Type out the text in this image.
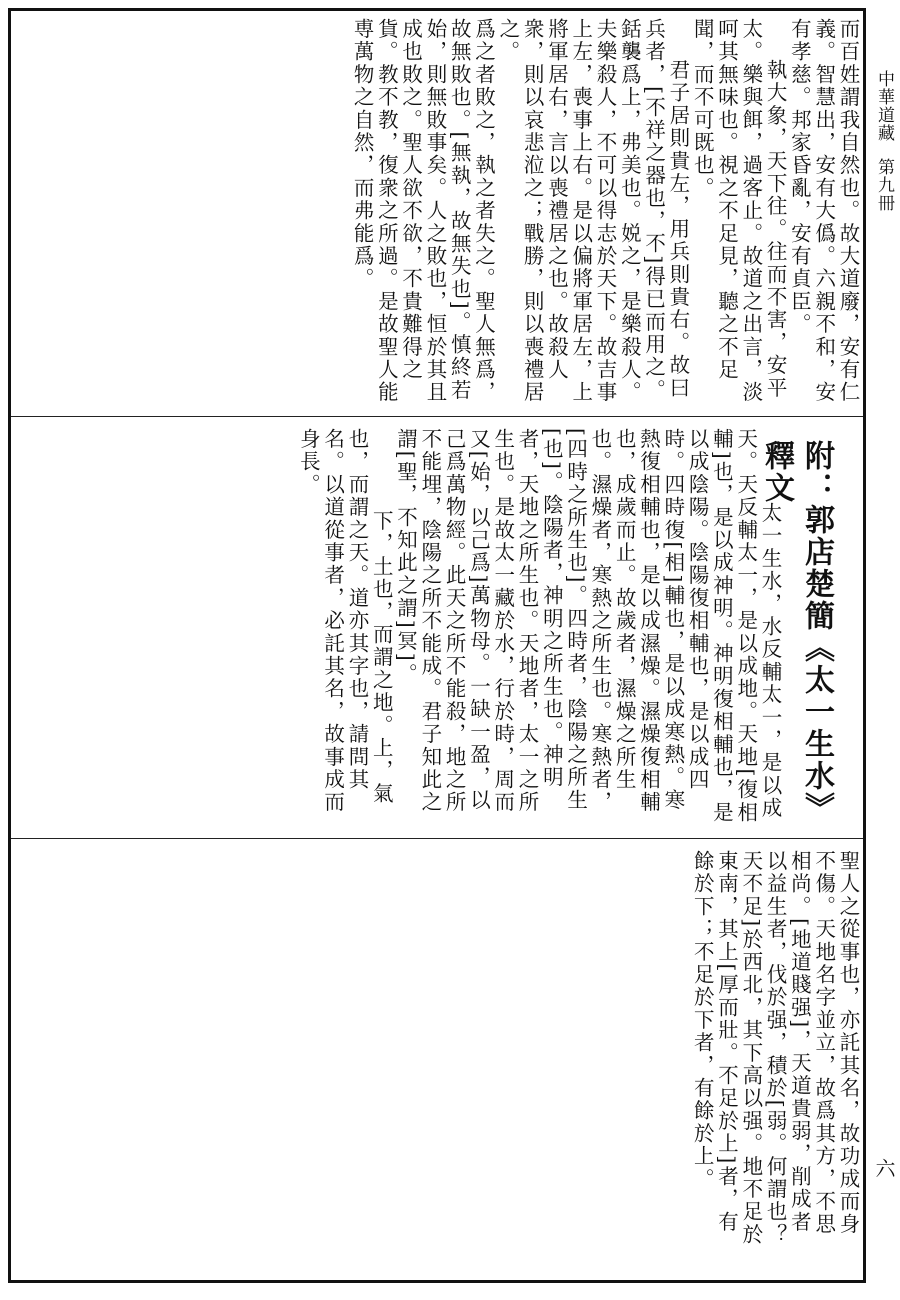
中華道藏第九冊
六

而百姓謂我自然也。故大道廢，安有仁義。智慧出，安有大僞。六親不和，安有孝慈。邦家昏亂，安有貞臣。

執大象，天下往。往而不害，安平太。樂與餌，過客止。故道之出言，淡呵其無味也。視之不足見，聽之不足聞，而不可既也。

君子居則貴左，用兵則貴右。故曰兵者，[不祥之器也，不]得已而用之。銛襲爲上，弗美也。娧之，是樂殺人。夫樂殺人，不可以得志於天下。故吉事上左，喪事上右。是以偏將軍居左，上將軍居右，言以喪禮居之也。故殺人衆，則以哀悲涖之；戰勝，則以喪禮居之。

爲之者敗之，執之者失之。聖人無爲，故無敗也。[無執，故無失也]。慎終若始，則無敗事矣。人之敗也，恒於其且成也敗之。聖人欲不欲，不貴難得之貨。教不教，復衆之所過。是故聖人能尃萬物之自然，而弗能爲。

附：郭店楚簡《太一生水》釋文

太一生水，水反輔太一，是以成天。天反輔太一，是以成地。天地[復相輔]也，是以成神明。神明復相輔也，是以成陰陽。陰陽復相輔也，是以成四時。四時復[相]輔也，是以成寒熱。寒熱復相輔也，是以成濕燥。濕燥復相輔也，成歲而止。故歲者，濕燥之所生也。濕燥者，寒熱之所生也。寒熱者，[四時之所生也]。四時者，陰陽之所生[也]。陰陽者，神明之所生也。神明者，天地之所生也。天地者，太一之所生也。是故太一藏於水，行於時，周而又[始，以己爲]萬物母。一缺一盈，以己爲萬物經。此天之所不能殺，地之所不能埋，陰陽之所不能成。君子知此之謂[聖，不知此之謂]冥]。

下，土也，而謂之地。上，氣也，而謂之天。道亦其字也，請問其名。以道從事者，必託其名，故事成而身長。

聖人之從事也，亦託其名，故功成而身不傷。天地名字並立，故爲其方，不思相尚。[地道賤强]，天道貴弱，削成者以益生者，伐於强，積於[弱。何謂也？天不足]於西北，其下高以强。地不足於東南，其上[厚而壯。不足於上]者，有餘於下；不足於下者，有餘於上。
